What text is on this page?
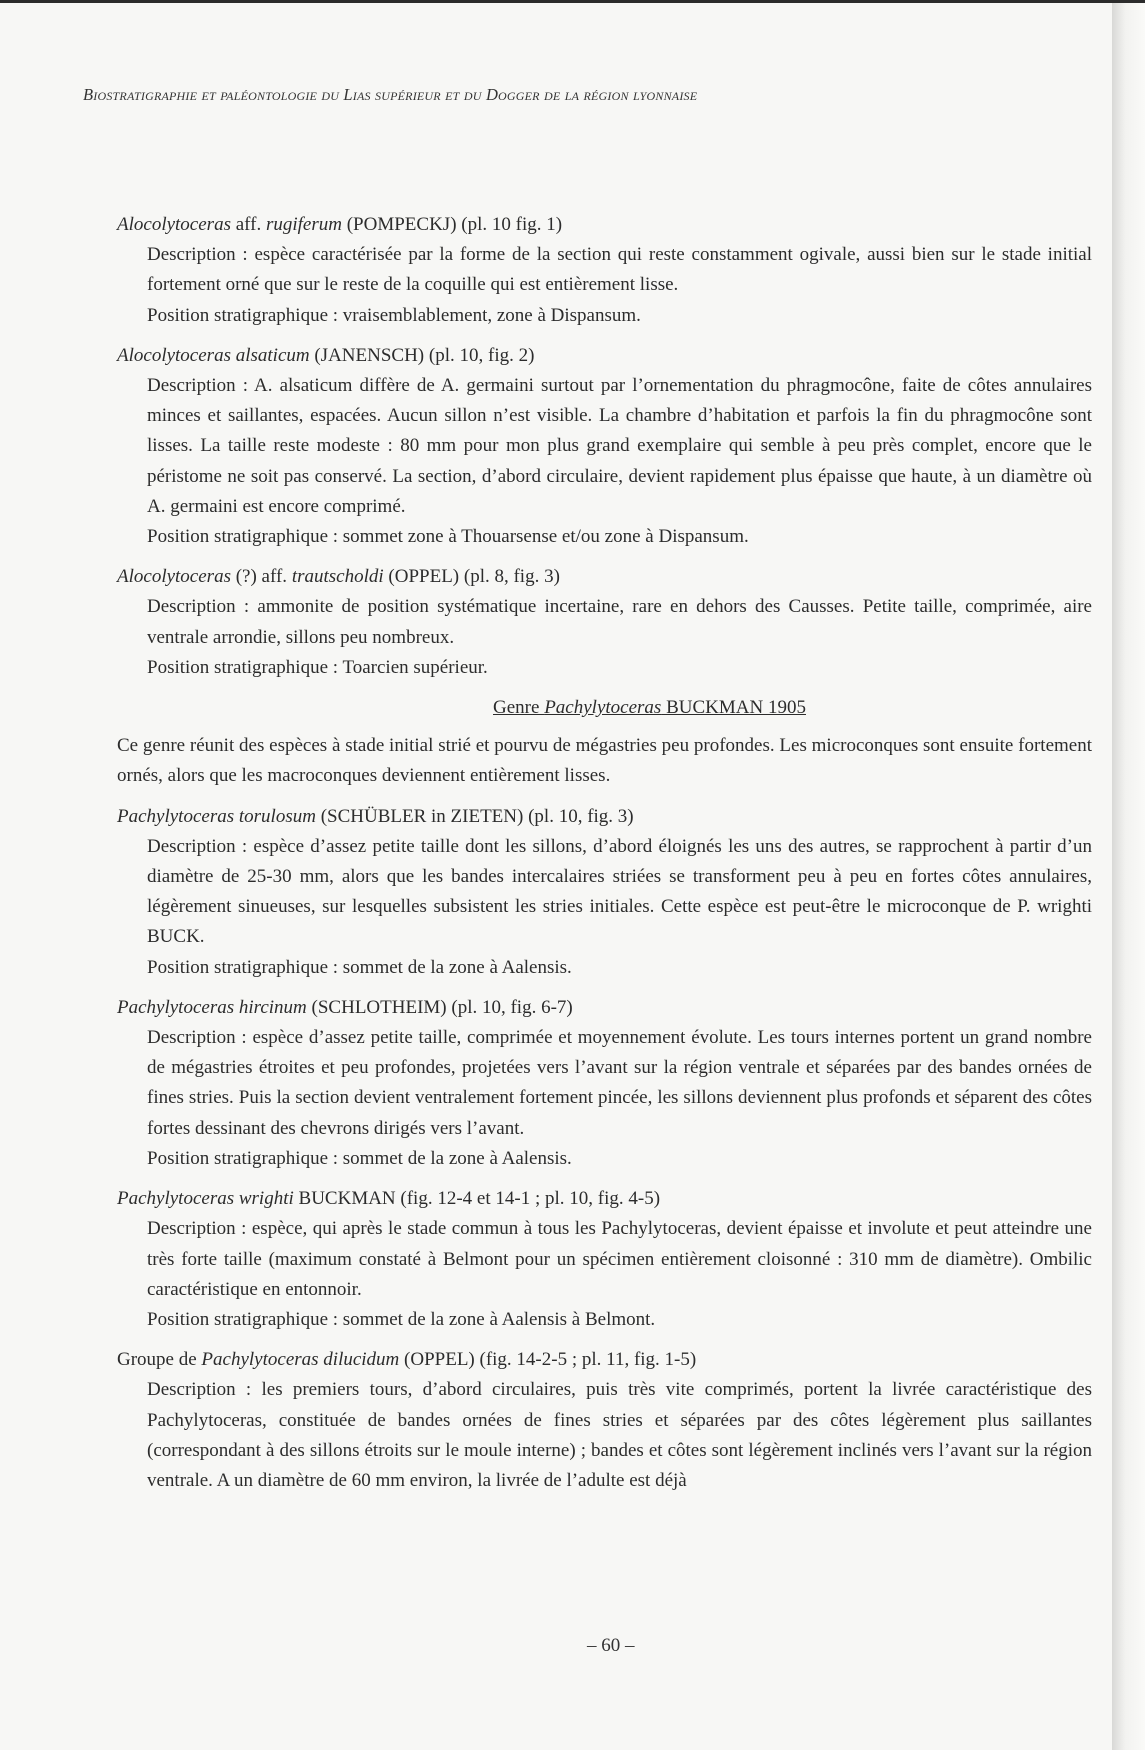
Biostratigraphie et paléontologie du Lias supérieur et du Dogger de la région lyonnaise

Alocolytoceras aff. rugiferum (POMPECKJ) (pl. 10 fig. 1)

Description : espèce caractérisée par la forme de la section qui reste constamment ogivale, aussi bien sur le stade initial fortement orné que sur le reste de la coquille qui est entièrement lisse.

Position stratigraphique : vraisemblablement, zone à Dispansum.

Alocolytoceras alsaticum (JANENSCH) (pl. 10, fig. 2)

Description : A. alsaticum diffère de A. germaini surtout par l’ornementation du phragmocône, faite de côtes annulaires minces et saillantes, espacées. Aucun sillon n’est visible. La chambre d’habitation et parfois la fin du phragmocône sont lisses. La taille reste modeste : 80 mm pour mon plus grand exemplaire qui semble à peu près complet, encore que le péristome ne soit pas conservé. La section, d’abord circulaire, devient rapidement plus épaisse que haute, à un diamètre où A. germaini est encore comprimé.

Position stratigraphique : sommet zone à Thouarsense et/ou zone à Dispansum.

Alocolytoceras (?) aff. trautscholdi (OPPEL) (pl. 8, fig. 3)

Description : ammonite de position systématique incertaine, rare en dehors des Causses. Petite taille, comprimée, aire ventrale arrondie, sillons peu nombreux.

Position stratigraphique : Toarcien supérieur.

Genre Pachylytoceras BUCKMAN 1905

Ce genre réunit des espèces à stade initial strié et pourvu de mégastries peu profondes. Les microconques sont ensuite fortement ornés, alors que les macroconques deviennent entièrement lisses.

Pachylytoceras torulosum (SCHÜBLER in ZIETEN) (pl. 10, fig. 3)

Description : espèce d’assez petite taille dont les sillons, d’abord éloignés les uns des autres, se rapprochent à partir d’un diamètre de 25-30 mm, alors que les bandes intercalaires striées se transforment peu à peu en fortes côtes annulaires, légèrement sinueuses, sur lesquelles subsistent les stries initiales. Cette espèce est peut-être le microconque de P. wrighti BUCK.

Position stratigraphique : sommet de la zone à Aalensis.

Pachylytoceras hircinum (SCHLOTHEIM) (pl. 10, fig. 6-7)

Description : espèce d’assez petite taille, comprimée et moyennement évolute. Les tours internes portent un grand nombre de mégastries étroites et peu profondes, projetées vers l’avant sur la région ventrale et séparées par des bandes ornées de fines stries. Puis la section devient ventralement fortement pincée, les sillons deviennent plus profonds et séparent des côtes fortes dessinant des chevrons dirigés vers l’avant.

Position stratigraphique : sommet de la zone à Aalensis.

Pachylytoceras wrighti BUCKMAN (fig. 12-4 et 14-1 ; pl. 10, fig. 4-5)

Description : espèce, qui après le stade commun à tous les Pachylytoceras, devient épaisse et involute et peut atteindre une très forte taille (maximum constaté à Belmont pour un spécimen entièrement cloisonné : 310 mm de diamètre). Ombilic caractéristique en entonnoir.

Position stratigraphique : sommet de la zone à Aalensis à Belmont.

Groupe de Pachylytoceras dilucidum (OPPEL) (fig. 14-2-5 ; pl. 11, fig. 1-5)

Description : les premiers tours, d’abord circulaires, puis très vite comprimés, portent la livrée caractéristique des Pachylytoceras, constituée de bandes ornées de fines stries et séparées par des côtes légèrement plus saillantes (correspondant à des sillons étroits sur le moule interne) ; bandes et côtes sont légèrement inclinés vers l’avant sur la région ventrale. A un diamètre de 60 mm environ, la livrée de l’adulte est déjà

– 60 –
